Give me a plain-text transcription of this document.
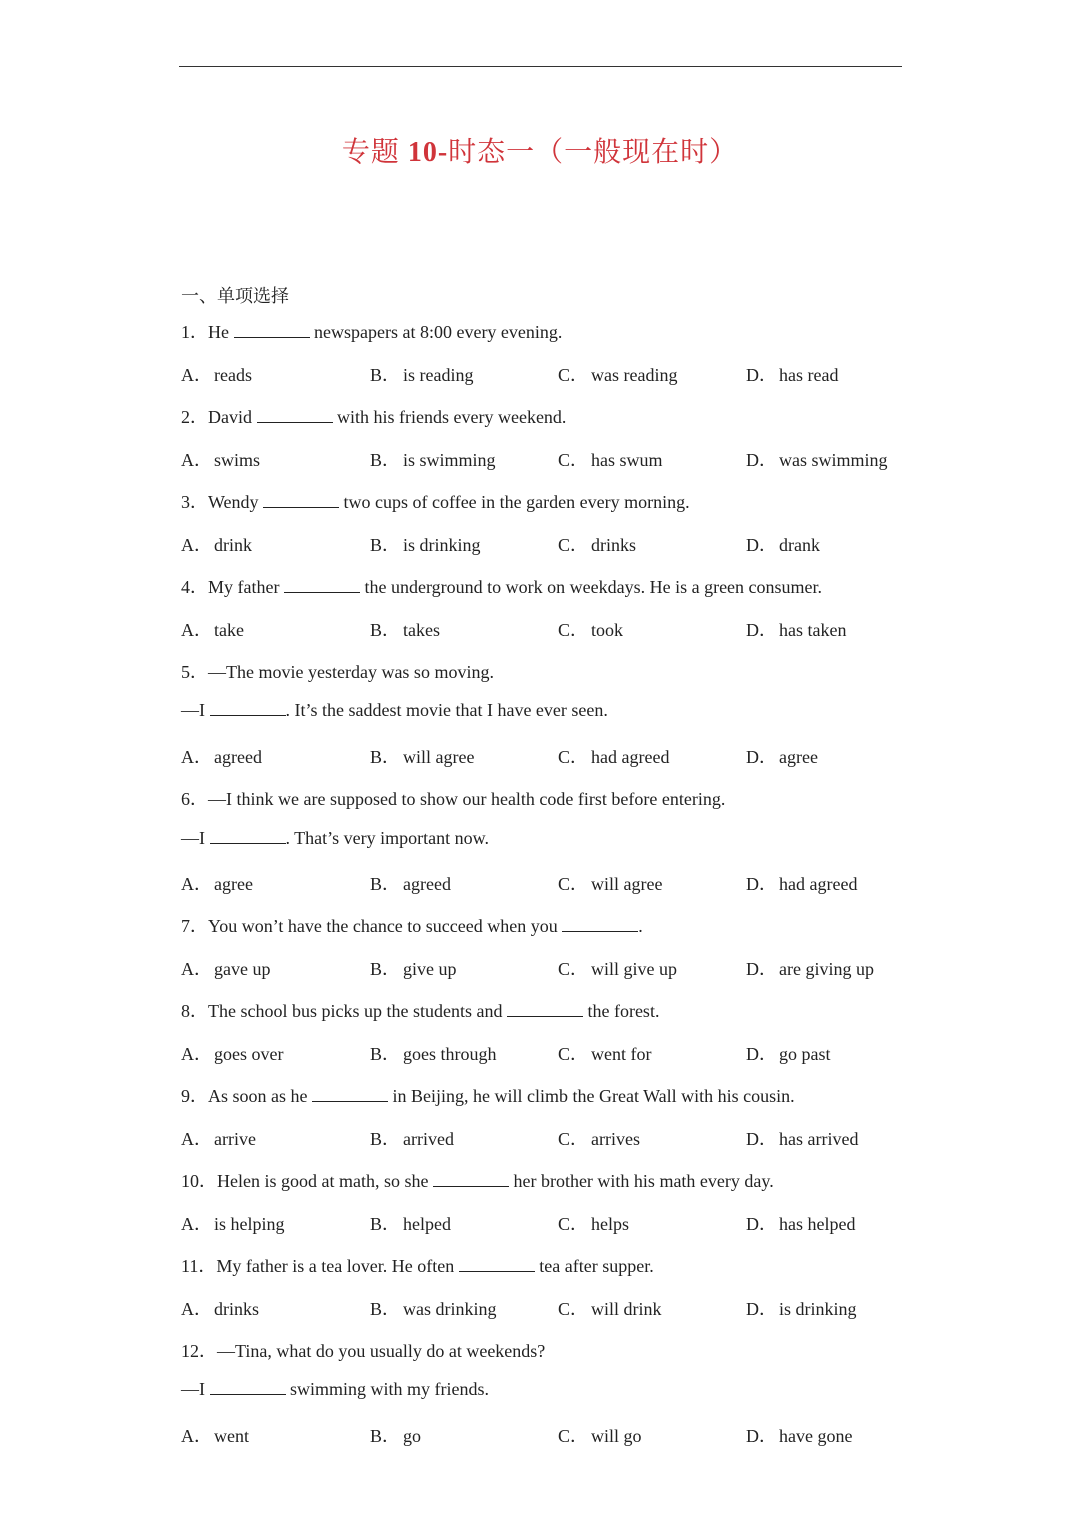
专题 10-时态一（一般现在时）
一、单项选择
1．He	newspapers at 8:00 every evening.
A． reads	B． is reading	C． was reading	D． has read
2．David	with his friends every weekend.
A． swims	B． is swimming	C． has swum	D． was swimming
3．Wendy	two cups of coffee in the garden every morning.
A． drink	B． is drinking	C． drinks	D． drank
4．My father	the underground to work on weekdays. He is a green consumer.
A． take	B． takes	C． took	D． has taken
5．—The movie yesterday was so moving.
—I	. It’s the saddest movie that I have ever seen.
A． agreed	B． will agree	C． had agreed	D． agree
6．—I think we are supposed to show our health code first before entering.
—I	. That’s very important now.
A． agree	B． agreed	C． will agree	D． had agreed
7．You won’t have the chance to succeed when you	.
A． gave up	B． give up	C． will give up	D． are giving up
8．The school bus picks up the students and	the forest.
A． goes over	B． goes through	C． went for	D． go past
9．As soon as he	in Beijing, he will climb the Great Wall with his cousin.
A． arrive	B． arrived	C． arrives	D． has arrived
10．Helen is good at math, so she	her brother with his math every day.
A． is helping	B． helped	C． helps	D． has helped
11．My father is a tea lover. He often	tea after supper.
A． drinks	B． was drinking	C． will drink	D． is drinking
12．—Tina, what do you usually do at weekends?
—I	swimming with my friends.
A． went	B． go	C． will go	D． have gone
